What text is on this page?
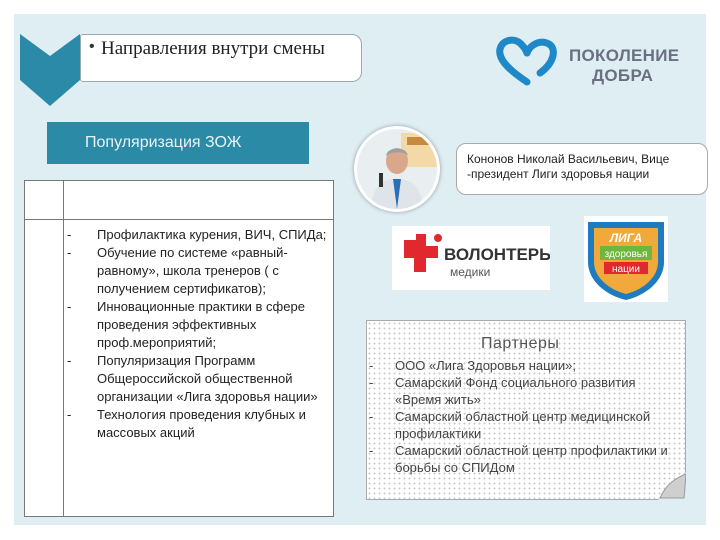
• Направления внутри смены	ПОКОЛЕНИЕ
ДОБРА
Популяризация ЗОЖ
- Профилактика курения, ВИЧ, СПИДа;
- Обучение по системе «равный-равному», школа тренеров ( с получением сертификатов);
- Инновационные практики в сфере проведения эффективных проф.мероприятий;
- Популяризация Программ Общероссийской общественной организации «Лига здоровья нации»
- Технология проведения клубных и массовых акций
Кононов Николай Васильевич, Вице -президент Лиги здоровья нации
ВОЛОНТЕРЫ
медики
ЛИГА
здоровья
нации
Партнеры
- ООО «Лига Здоровья нации»;
- Самарский Фонд социального развития «Время жить»
- Самарский областной центр медицинской профилактики
- Самарский областной центр профилактики и борьбы со СПИДом
